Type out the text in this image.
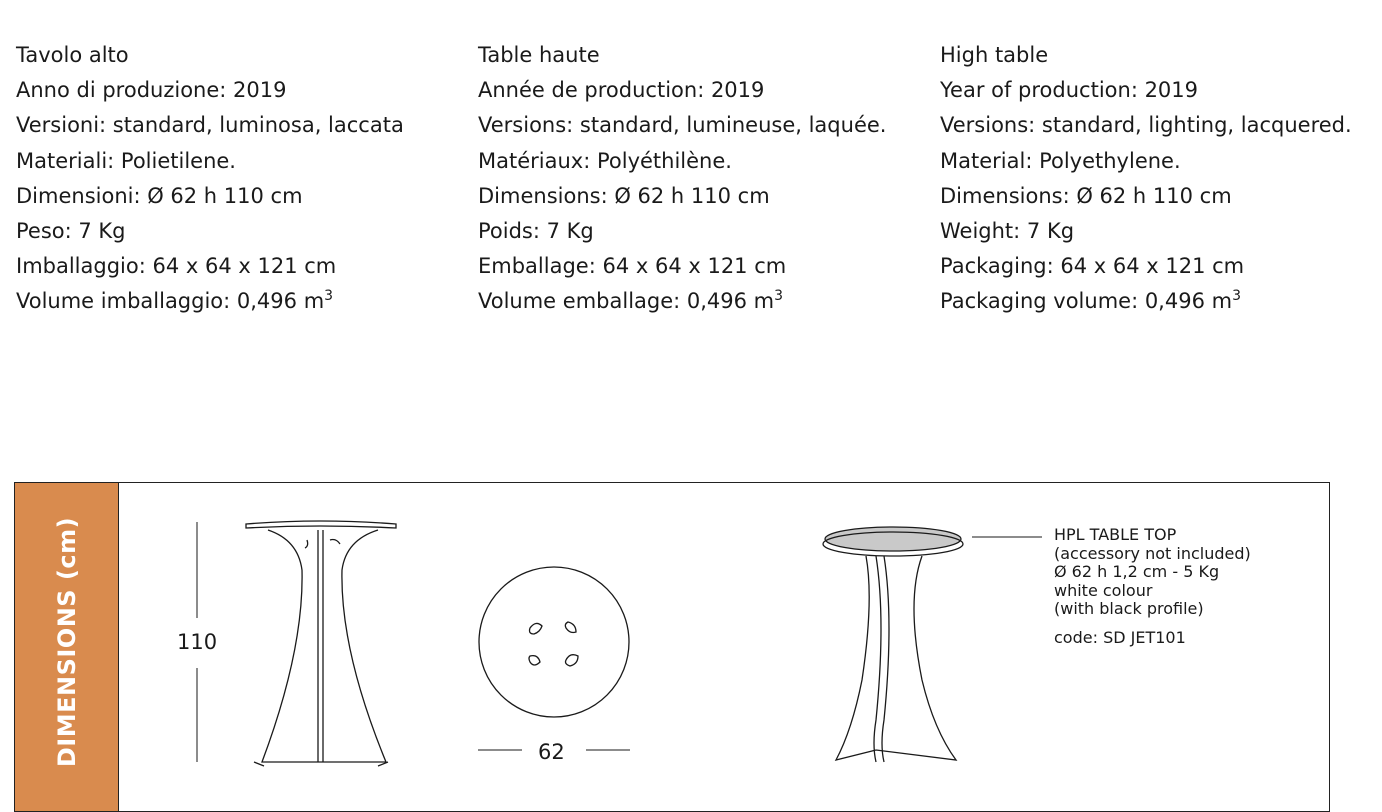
Tavolo alto
Anno di produzione: 2019
Versioni: standard, luminosa, laccata
Materiali: Polietilene.
Dimensioni: Ø 62 h 110 cm
Peso: 7 Kg
Imballaggio: 64 x 64 x 121 cm
Volume imballaggio: 0,496 $m^3$
Table haute
Année de production: 2019
Versions: standard, lumineuse, laquée.
Matériaux: Polyéthilène.
Dimensions: Ø 62 h 110 cm
Poids: 7 Kg
Emballage: 64 x 64 x 121 cm
Volume emballage: 0,496 $m^3$
High table
Year of production: 2019
Versions: standard, lighting, lacquered.
Material: Polyethylene.
Dimensions: Ø 62 h 110 cm
Weight: 7 Kg
Packaging: 64 x 64 x 121 cm
Packaging volume: 0,496 $m^3$
DIMENSIONS (cm)	110
62
HPL TABLE TOP
(accessory not included)
Ø 62 h 1,2 cm - 5 Kg
white colour
(with black profile)
code: SD JET101
